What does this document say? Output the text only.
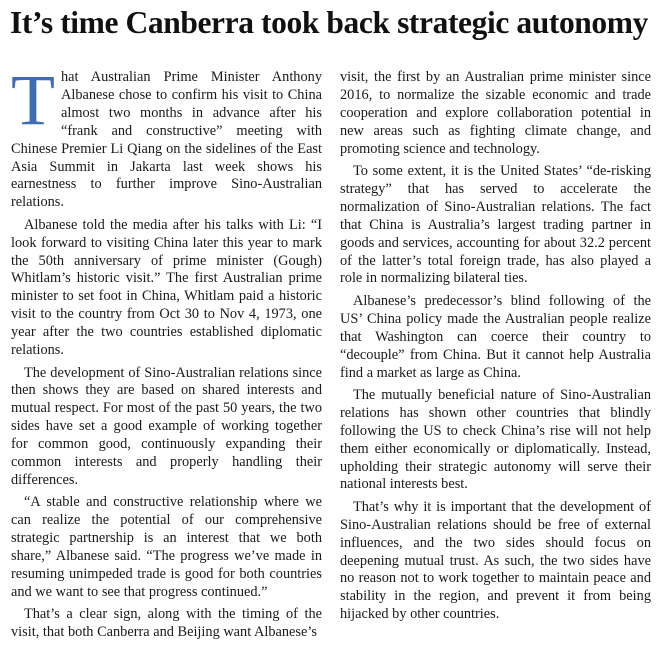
It’s time Canberra took back strategic autonomy

That Australian Prime Minister Anthony Albanese chose to confirm his visit to China almost two months in advance after his “frank and constructive” meeting with Chinese Premier Li Qiang on the sidelines of the East Asia Summit in Jakarta last week shows his earnestness to further improve Sino-Australian relations.

Albanese told the media after his talks with Li: “I look forward to visiting China later this year to mark the 50th anniversary of prime minister (Gough) Whitlam’s historic visit.” The first Australian prime minister to set foot in China, Whitlam paid a historic visit to the country from Oct 30 to Nov 4, 1973, one year after the two countries established diplomatic relations.

The development of Sino-Australian relations since then shows they are based on shared interests and mutual respect. For most of the past 50 years, the two sides have set a good example of working together for common good, continuously expanding their common interests and properly handling their differences.

“A stable and constructive relationship where we can realize the potential of our comprehensive strategic partnership is an interest that we both share,” Albanese said. “The progress we’ve made in resuming unimpeded trade is good for both countries and we want to see that progress continued.”

That’s a clear sign, along with the timing of the visit, that both Canberra and Beijing want Albanese’s

visit, the first by an Australian prime minister since 2016, to normalize the sizable economic and trade cooperation and explore collaboration potential in new areas such as fighting climate change, and promoting science and technology.

To some extent, it is the United States’ “de-risking strategy” that has served to accelerate the normalization of Sino-Australian relations. The fact that China is Australia’s largest trading partner in goods and services, accounting for about 32.2 percent of the latter’s total foreign trade, has also played a role in normalizing bilateral ties.

Albanese’s predecessor’s blind following of the US’ China policy made the Australian people realize that Washington can coerce their country to “decouple” from China. But it cannot help Australia find a market as large as China.

The mutually beneficial nature of Sino-Australian relations has shown other countries that blindly following the US to check China’s rise will not help them either economically or diplomatically. Instead, upholding their strategic autonomy will serve their national interests best.

That’s why it is important that the development of Sino-Australian relations should be free of external influences, and the two sides should focus on deepening mutual trust. As such, the two sides have no reason not to work together to maintain peace and stability in the region, and prevent it from being hijacked by other countries.
